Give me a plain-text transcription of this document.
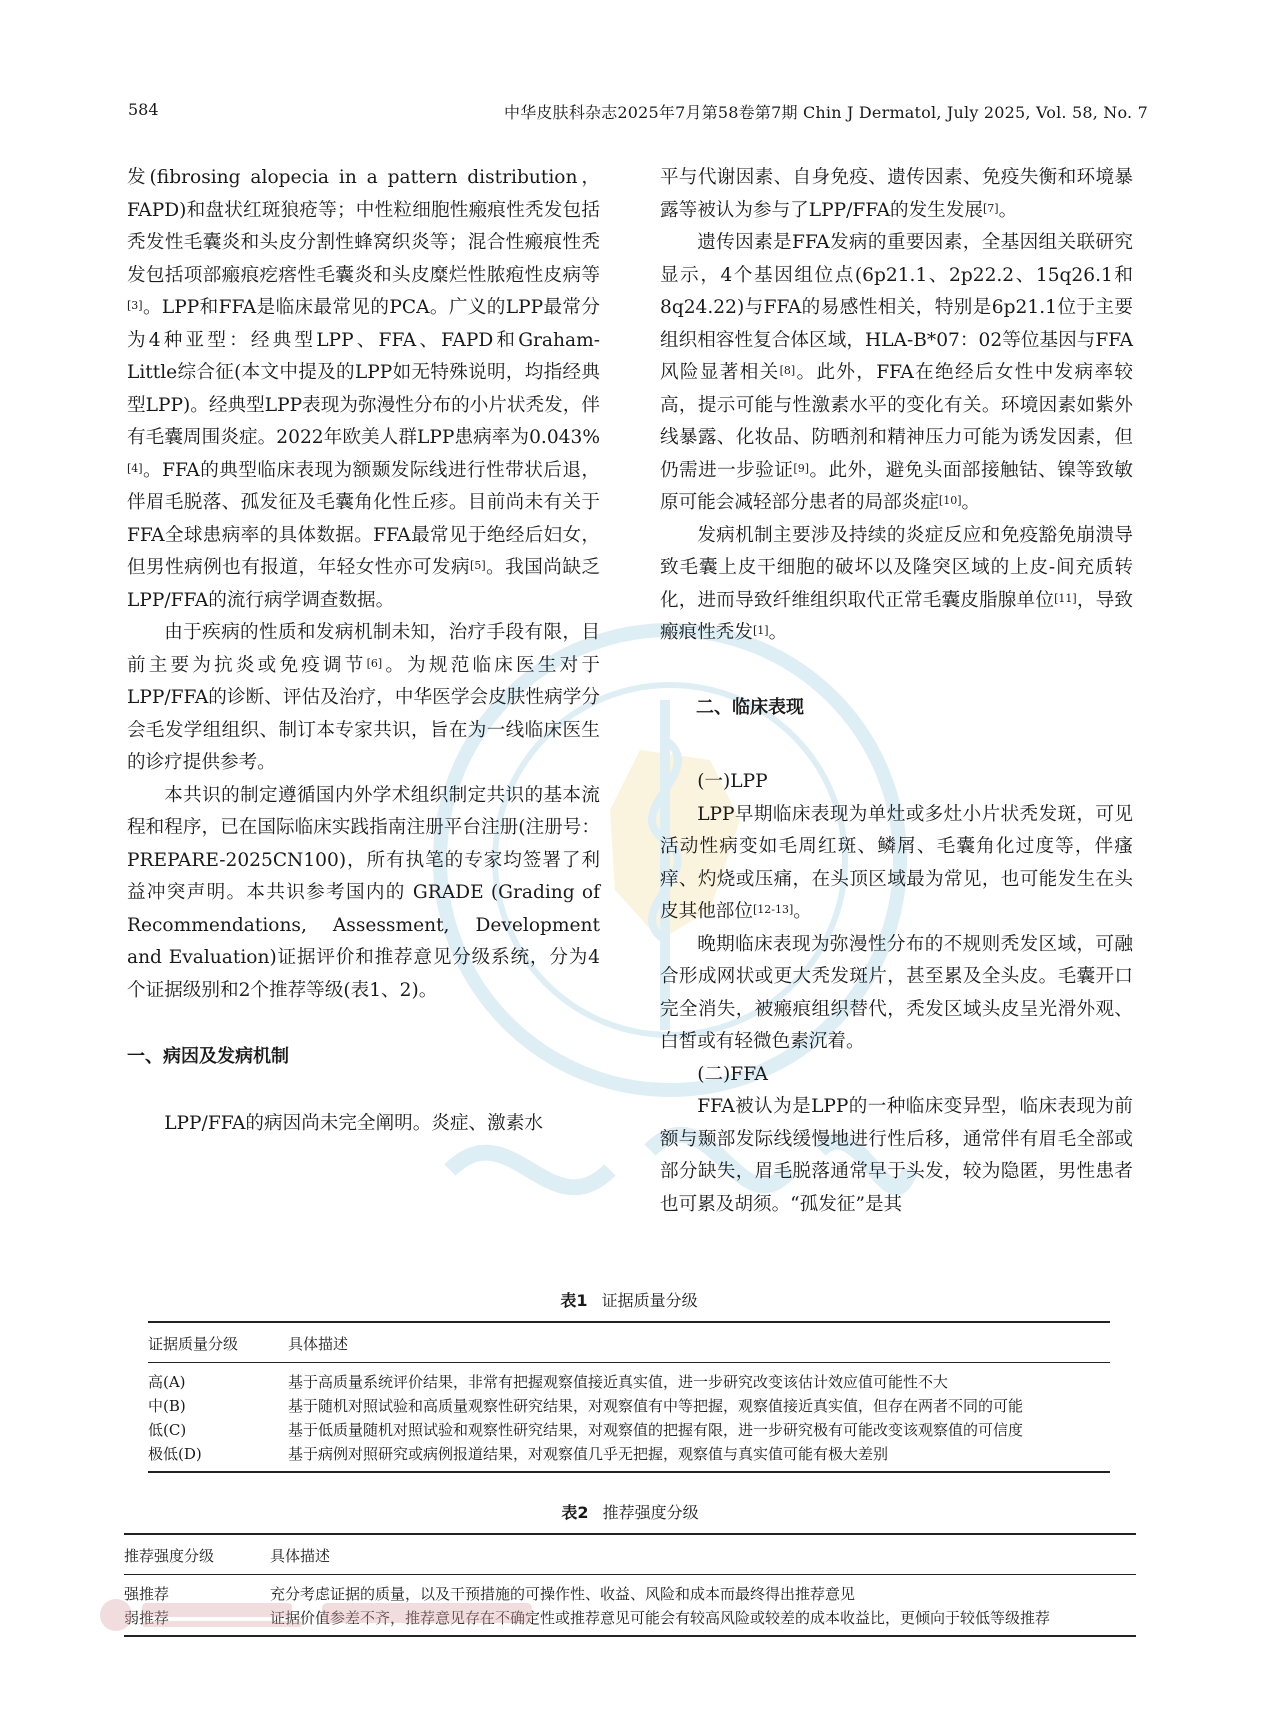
584	中华皮肤科杂志2025年7月第58卷第7期 Chin J Dermatol, July 2025, Vol. 58, No. 7

发(fibrosing alopecia in a pattern distribution，FAPD)和盘状红斑狼疮等；中性粒细胞性瘢痕性秃发包括秃发性毛囊炎和头皮分割性蜂窝织炎等；混合性瘢痕性秃发包括项部瘢痕疙瘩性毛囊炎和头皮糜烂性脓疱性皮病等[3]。LPP和FFA是临床最常见的PCA。广义的LPP最常分为4种亚型：经典型LPP、FFA、FAPD和Graham-Little综合征(本文中提及的LPP如无特殊说明，均指经典型LPP)。经典型LPP表现为弥漫性分布的小片状秃发，伴有毛囊周围炎症。2022年欧美人群LPP患病率为0.043%[4]。FFA的典型临床表现为额颞发际线进行性带状后退，伴眉毛脱落、孤发征及毛囊角化性丘疹。目前尚未有关于FFA全球患病率的具体数据。FFA最常见于绝经后妇女，但男性病例也有报道，年轻女性亦可发病[5]。我国尚缺乏LPP/FFA的流行病学调查数据。

由于疾病的性质和发病机制未知，治疗手段有限，目前主要为抗炎或免疫调节[6]。为规范临床医生对于LPP/FFA的诊断、评估及治疗，中华医学会皮肤性病学分会毛发学组组织、制订本专家共识，旨在为一线临床医生的诊疗提供参考。

本共识的制定遵循国内外学术组织制定共识的基本流程和程序，已在国际临床实践指南注册平台注册(注册号：PREPARE-2025CN100)，所有执笔的专家均签署了利益冲突声明。本共识参考国内的 GRADE (Grading of Recommendations, Assessment, Development and Evaluation)证据评价和推荐意见分级系统，分为4个证据级别和2个推荐等级(表1、2)。

一、病因及发病机制

LPP/FFA的病因尚未完全阐明。炎症、激素水

平与代谢因素、自身免疫、遗传因素、免疫失衡和环境暴露等被认为参与了LPP/FFA的发生发展[7]。

遗传因素是FFA发病的重要因素，全基因组关联研究显示，4个基因组位点(6p21.1、2p22.2、15q26.1和8q24.22)与FFA的易感性相关，特别是6p21.1位于主要组织相容性复合体区域，HLA-B*07：02等位基因与FFA风险显著相关[8]。此外，FFA在绝经后女性中发病率较高，提示可能与性激素水平的变化有关。环境因素如紫外线暴露、化妆品、防晒剂和精神压力可能为诱发因素，但仍需进一步验证[9]。此外，避免头面部接触钴、镍等致敏原可能会减轻部分患者的局部炎症[10]。

发病机制主要涉及持续的炎症反应和免疫豁免崩溃导致毛囊上皮干细胞的破坏以及隆突区域的上皮-间充质转化，进而导致纤维组织取代正常毛囊皮脂腺单位[11]，导致瘢痕性秃发[1]。

二、临床表现

(一)LPP

LPP早期临床表现为单灶或多灶小片状秃发斑，可见活动性病变如毛周红斑、鳞屑、毛囊角化过度等，伴瘙痒、灼烧或压痛，在头顶区域最为常见，也可能发生在头皮其他部位[12-13]。

晚期临床表现为弥漫性分布的不规则秃发区域，可融合形成网状或更大秃发斑片，甚至累及全头皮。毛囊开口完全消失，被瘢痕组织替代，秃发区域头皮呈光滑外观、白皙或有轻微色素沉着。

(二)FFA

FFA被认为是LPP的一种临床变异型，临床表现为前额与颞部发际线缓慢地进行性后移，通常伴有眉毛全部或部分缺失，眉毛脱落通常早于头发，较为隐匿，男性患者也可累及胡须。“孤发征”是其

表1 证据质量分级
证据质量分级	具体描述
高(A)	基于高质量系统评价结果，非常有把握观察值接近真实值，进一步研究改变该估计效应值可能性不大
中(B)	基于随机对照试验和高质量观察性研究结果，对观察值有中等把握，观察值接近真实值，但存在两者不同的可能
低(C)	基于低质量随机对照试验和观察性研究结果，对观察值的把握有限，进一步研究极有可能改变该观察值的可信度
极低(D)	基于病例对照研究或病例报道结果，对观察值几乎无把握，观察值与真实值可能有极大差别
表2 推荐强度分级
推荐强度分级	具体描述
强推荐	充分考虑证据的质量，以及干预措施的可操作性、收益、风险和成本而最终得出推荐意见
弱推荐	证据价值参差不齐，推荐意见存在不确定性或推荐意见可能会有较高风险或较差的成本收益比，更倾向于较低等级推荐
